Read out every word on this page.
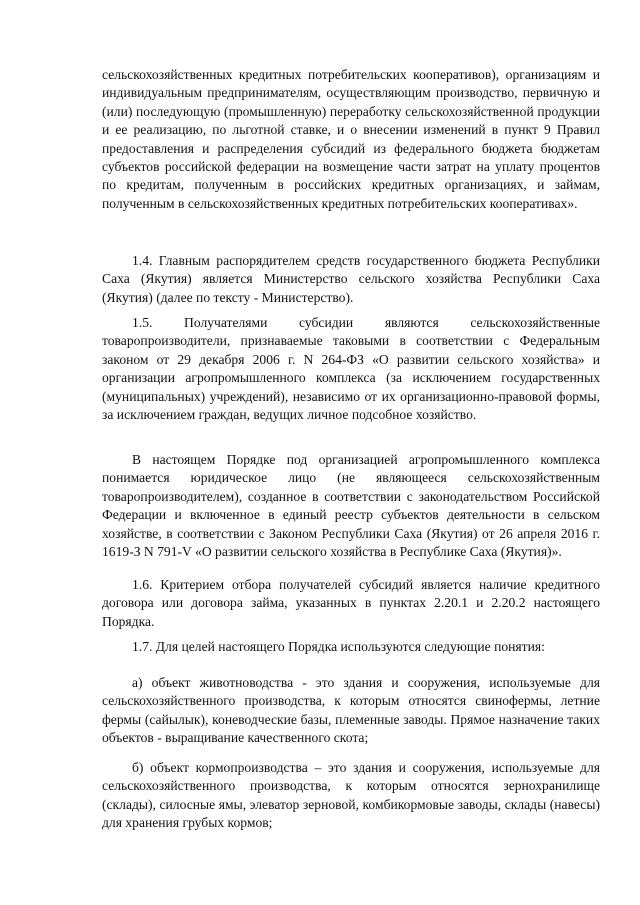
сельскохозяйственных кредитных потребительских кооперативов), организациям и индивидуальным предпринимателям, осуществляющим производство, первичную и (или) последующую (промышленную) переработку сельскохозяйственной продукции и ее реализацию, по льготной ставке, и о внесении изменений в пункт 9 Правил предоставления и распределения субсидий из федерального бюджета бюджетам субъектов российской федерации на возмещение части затрат на уплату процентов по кредитам, полученным в российских кредитных организациях, и займам, полученным в сельскохозяйственных кредитных потребительских кооперативах».

1.4. Главным распорядителем средств государственного бюджета Республики Саха (Якутия) является Министерство сельского хозяйства Республики Саха (Якутия) (далее по тексту - Министерство).

1.5. Получателями субсидии являются сельскохозяйственные товаропроизводители, признаваемые таковыми в соответствии с Федеральным законом от 29 декабря 2006 г. N 264-ФЗ «О развитии сельского хозяйства» и организации агропромышленного комплекса (за исключением государственных (муниципальных) учреждений), независимо от их организационно-правовой формы, за исключением граждан, ведущих личное подсобное хозяйство.

В настоящем Порядке под организацией агропромышленного комплекса понимается юридическое лицо (не являющееся сельскохозяйственным товаропроизводителем), созданное в соответствии с законодательством Российской Федерации и включенное в единый реестр субъектов деятельности в сельском хозяйстве, в соответствии с Законом Республики Саха (Якутия) от 26 апреля 2016 г. 1619-З N 791-V «О развитии сельского хозяйства в Республике Саха (Якутия)».

1.6. Критерием отбора получателей субсидий является наличие кредитного договора или договора займа, указанных в пунктах 2.20.1 и 2.20.2 настоящего Порядка.

1.7. Для целей настоящего Порядка используются следующие понятия:

а) объект животноводства - это здания и сооружения, используемые для сельскохозяйственного производства, к которым относятся свинофермы, летние фермы (сайылык), коневодческие базы, племенные заводы. Прямое назначение таких объектов - выращивание качественного скота;

б) объект кормопроизводства – это здания и сооружения, используемые для сельскохозяйственного производства, к которым относятся зернохранилище (склады), силосные ямы, элеватор зерновой, комбикормовые заводы, склады (навесы) для хранения грубых кормов;
